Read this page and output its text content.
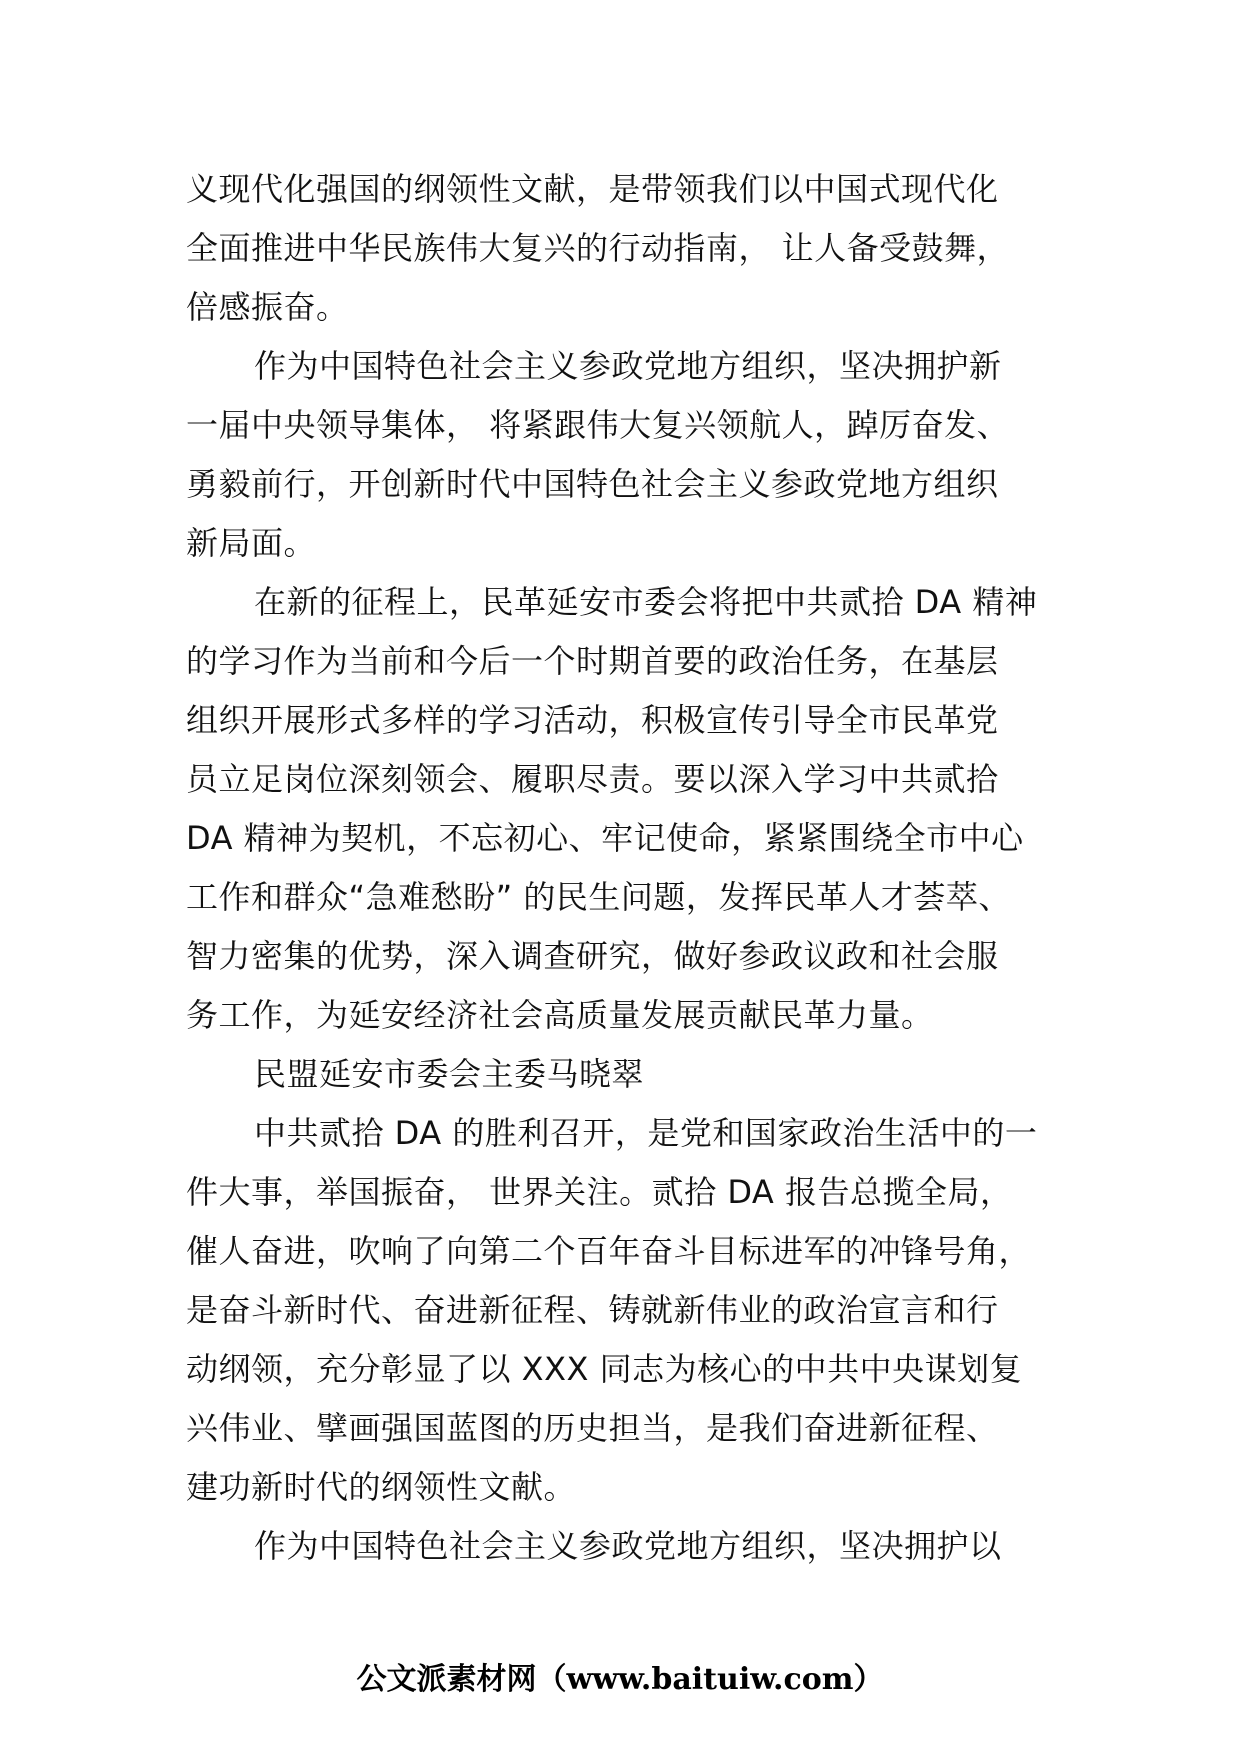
义现代化强国的纲领性文献，是带领我们以中国式现代化
全面推进中华民族伟大复兴的行动指南， 让人备受鼓舞，
倍感振奋。
作为中国特色社会主义参政党地方组织，坚决拥护新
一届中央领导集体， 将紧跟伟大复兴领航人，踔厉奋发、
勇毅前行，开创新时代中国特色社会主义参政党地方组织
新局面。
在新的征程上，民革延安市委会将把中共贰拾 DA 精神
的学习作为当前和今后一个时期首要的政治任务，在基层
组织开展形式多样的学习活动，积极宣传引导全市民革党
员立足岗位深刻领会、履职尽责。要以深入学习中共贰拾
DA 精神为契机，不忘初心、牢记使命，紧紧围绕全市中心
工作和群众“急难愁盼” 的民生问题，发挥民革人才荟萃、
智力密集的优势，深入调查研究，做好参政议政和社会服
务工作，为延安经济社会高质量发展贡献民革力量。
民盟延安市委会主委马晓翠
中共贰拾 DA 的胜利召开，是党和国家政治生活中的一
件大事，举国振奋， 世界关注。贰拾 DA 报告总揽全局，
催人奋进，吹响了向第二个百年奋斗目标进军的冲锋号角，
是奋斗新时代、奋进新征程、铸就新伟业的政治宣言和行
动纲领，充分彰显了以 XXX 同志为核心的中共中央谋划复
兴伟业、擘画强国蓝图的历史担当，是我们奋进新征程、
建功新时代的纲领性文献。
作为中国特色社会主义参政党地方组织，坚决拥护以
公文派素材网（www.baituiw.com）
